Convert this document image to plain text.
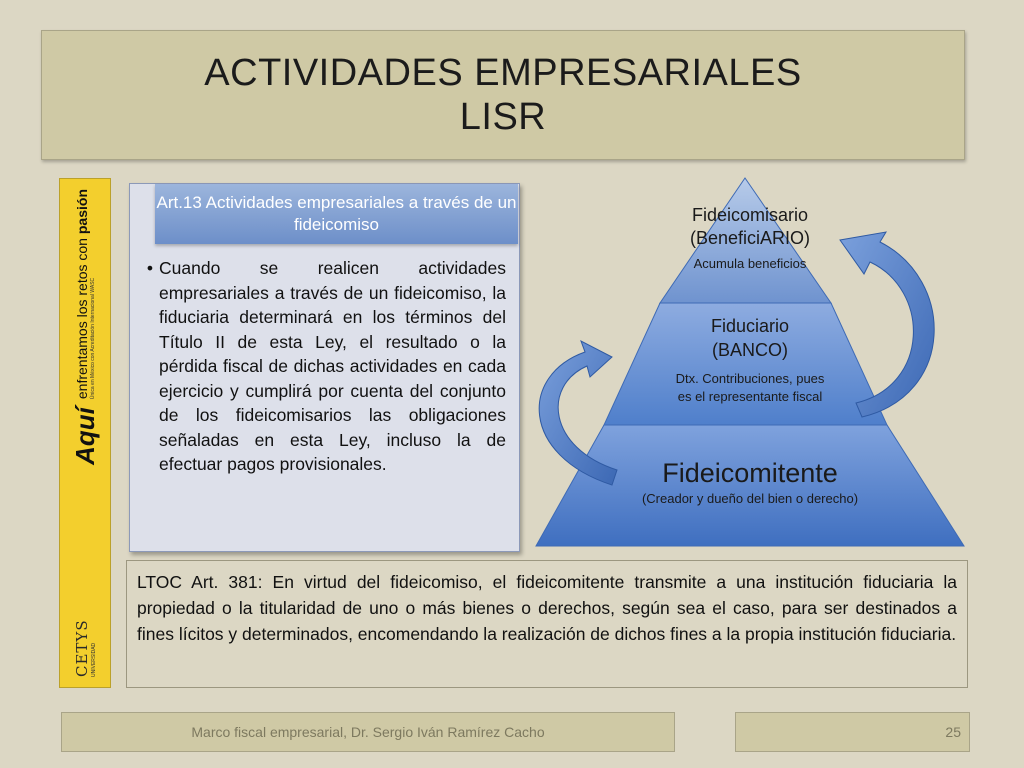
ACTIVIDADES EMPRESARIALES
LISR
CETYS UNIVERSIDAD
Aquí
enfrentamos los retos con pasión
Única en México con Acreditación Internacional WASC
Art.13 Actividades empresariales a través de un fideicomiso
• Cuando se realicen actividades empresariales a través de un fideicomiso, la fiduciaria determinará en los términos del Título II de esta Ley, el resultado o la pérdida fiscal de dichas actividades en cada ejercicio y cumplirá por cuenta del conjunto de los fideicomisarios las obligaciones señaladas en esta Ley, incluso la de efectuar pagos provisionales.
Fideicomisario
(BeneficiARIO)
Acumula beneficios
Fiduciario
(BANCO)
Dtx. Contribuciones, pues
es el representante fiscal
Fideicomitente
(Creador y dueño del bien o derecho)
LTOC Art. 381: En virtud del fideicomiso, el fideicomitente transmite a una institución fiduciaria la propiedad o la titularidad de uno o más bienes o derechos, según sea el caso, para ser destinados a fines lícitos y determinados, encomendando la realización de dichos fines a la propia institución fiduciaria.
Marco fiscal empresarial, Dr. Sergio Iván Ramírez Cacho	25
